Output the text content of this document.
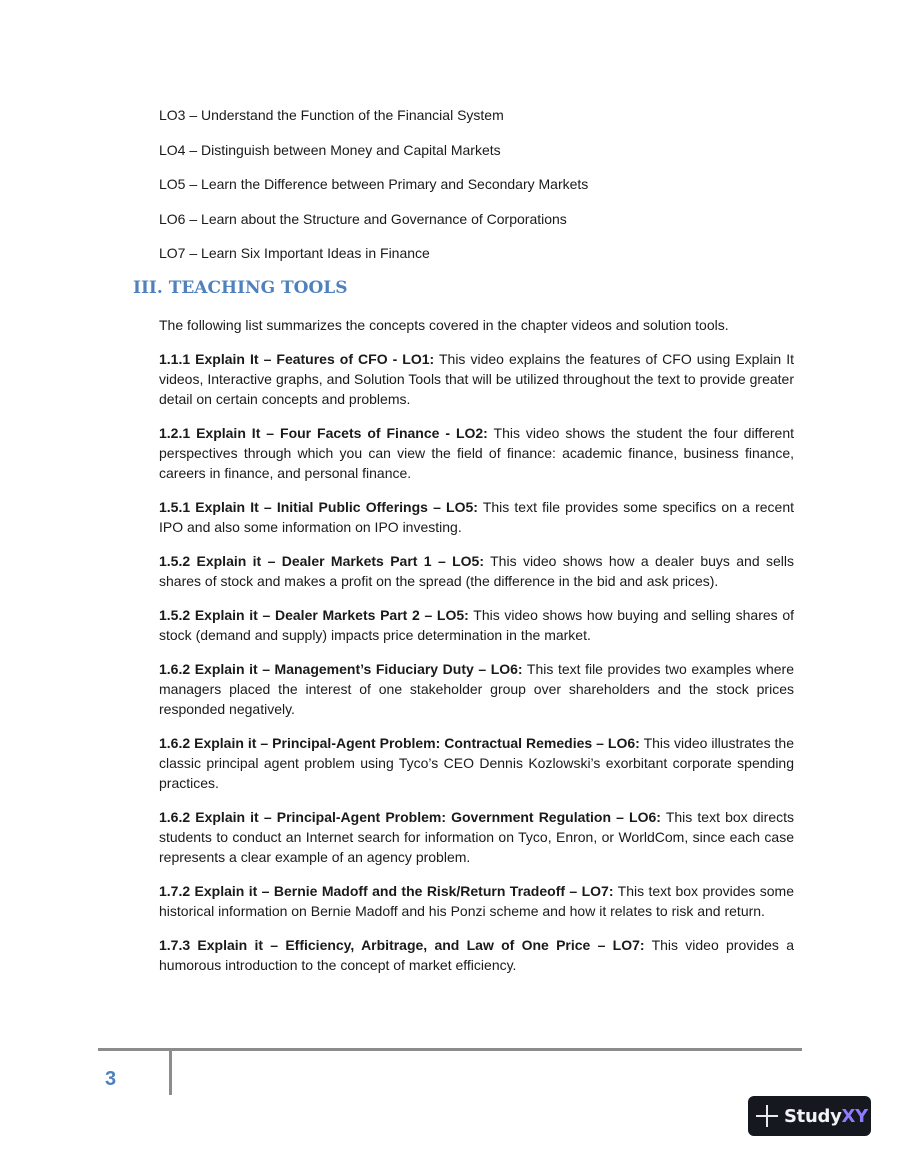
LO3 – Understand the Function of the Financial System
LO4 – Distinguish between Money and Capital Markets
LO5 – Learn the Difference between Primary and Secondary Markets
LO6 – Learn about the Structure and Governance of Corporations
LO7 – Learn Six Important Ideas in Finance
III. TEACHING TOOLS

The following list summarizes the concepts covered in the chapter videos and solution tools.

1.1.1 Explain It – Features of CFO - LO1: This video explains the features of CFO using Explain It videos, Interactive graphs, and Solution Tools that will be utilized throughout the text to provide greater detail on certain concepts and problems.

1.2.1 Explain It – Four Facets of Finance - LO2: This video shows the student the four different perspectives through which you can view the field of finance: academic finance, business finance, careers in finance, and personal finance.

1.5.1 Explain It – Initial Public Offerings – LO5: This text file provides some specifics on a recent IPO and also some information on IPO investing.

1.5.2 Explain it – Dealer Markets Part 1 – LO5: This video shows how a dealer buys and sells shares of stock and makes a profit on the spread (the difference in the bid and ask prices).

1.5.2 Explain it – Dealer Markets Part 2 – LO5: This video shows how buying and selling shares of stock (demand and supply) impacts price determination in the market.

1.6.2 Explain it – Management’s Fiduciary Duty – LO6: This text file provides two examples where managers placed the interest of one stakeholder group over shareholders and the stock prices responded negatively.

1.6.2 Explain it – Principal-Agent Problem: Contractual Remedies – LO6: This video illustrates the classic principal agent problem using Tyco’s CEO Dennis Kozlowski’s exorbitant corporate spending practices.

1.6.2 Explain it – Principal-Agent Problem: Government Regulation – LO6: This text box directs students to conduct an Internet search for information on Tyco, Enron, or WorldCom, since each case represents a clear example of an agency problem.

1.7.2 Explain it – Bernie Madoff and the Risk/Return Tradeoff – LO7: This text box provides some historical information on Bernie Madoff and his Ponzi scheme and how it relates to risk and return.

1.7.3 Explain it – Efficiency, Arbitrage, and Law of One Price – LO7: This video provides a humorous introduction to the concept of market efficiency.

3
StudyXY
